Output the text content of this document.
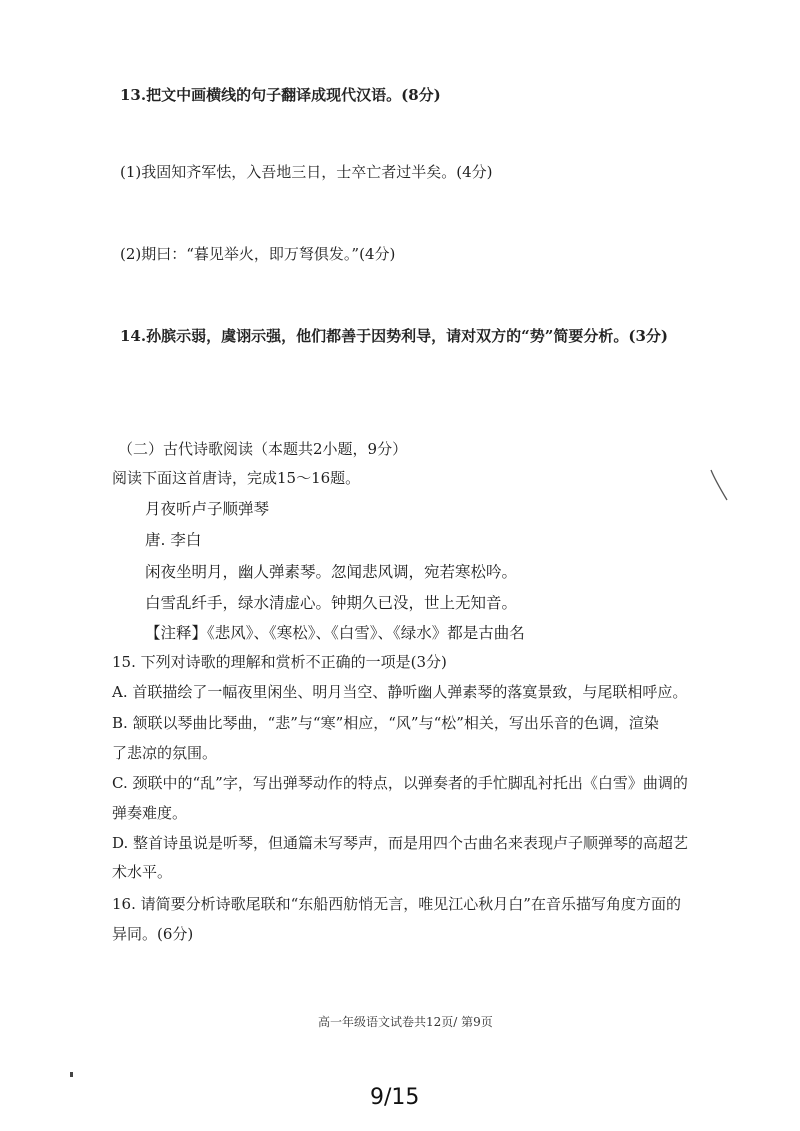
13.把文中画横线的句子翻译成现代汉语。(8分)
(1)我固知齐军怯，入吾地三日，士卒亡者过半矣。(4分)
(2)期曰：“暮见举火，即万弩俱发。”(4分)
14.孙膑示弱，虞诩示强，他们都善于因势利导，请对双方的“势”简要分析。(3分)
（二）古代诗歌阅读（本题共2小题，9分）
阅读下面这首唐诗，完成15～16题。
月夜听卢子顺弹琴
唐. 李白
闲夜坐明月，幽人弹素琴。忽闻悲风调，宛若寒松吟。
白雪乱纤手，绿水清虚心。钟期久已没，世上无知音。
【注释】《悲风》、《寒松》、《白雪》、《绿水》都是古曲名
15. 下列对诗歌的理解和赏析不正确的一项是(3分)
A. 首联描绘了一幅夜里闲坐、明月当空、静听幽人弹素琴的落寞景致，与尾联相呼应。
B. 颔联以琴曲比琴曲，“悲”与“寒”相应，“风”与“松”相关，写出乐音的色调，渲染
了悲凉的氛围。
C. 颈联中的“乱”字，写出弹琴动作的特点，以弹奏者的手忙脚乱衬托出《白雪》曲调的
弹奏难度。
D. 整首诗虽说是听琴，但通篇未写琴声，而是用四个古曲名来表现卢子顺弹琴的高超艺
术水平。
16. 请简要分析诗歌尾联和“东船西舫悄无言，唯见江心秋月白”在音乐描写角度方面的
异同。(6分)
高一年级语文试卷共12页/ 第9页
9/15
